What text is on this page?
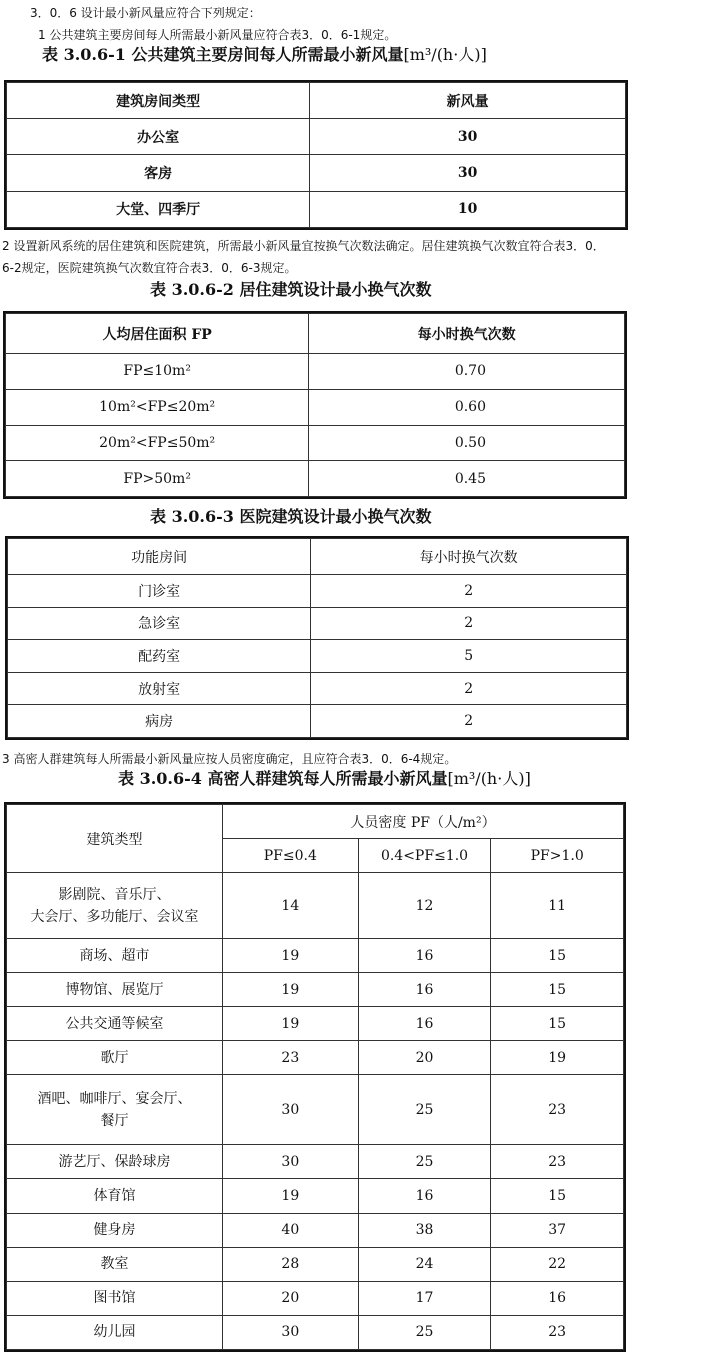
3．0．6 设计最小新风量应符合下列规定：
1 公共建筑主要房间每人所需最小新风量应符合表3．0．6-1规定。
表 3.0.6-1 公共建筑主要房间每人所需最小新风量[m³/(h·人)]
建筑房间类型	新风量
办公室	30
客房	30
大堂、四季厅	10
2 设置新风系统的居住建筑和医院建筑，所需最小新风量宜按换气次数法确定。居住建筑换气次数宜符合表3．0．
6-2规定，医院建筑换气次数宜符合表3．0．6-3规定。
表 3.0.6-2 居住建筑设计最小换气次数
人均居住面积 FP	每小时换气次数
FP≤10m²	0.70
10m²<FP≤20m²	0.60
20m²<FP≤50m²	0.50
FP>50m²	0.45
表 3.0.6-3 医院建筑设计最小换气次数
功能房间	每小时换气次数
门诊室	2
急诊室	2
配药室	5
放射室	2
病房	2
3 高密人群建筑每人所需最小新风量应按人员密度确定，且应符合表3．0．6-4规定。
表 3.0.6-4 高密人群建筑每人所需最小新风量[m³/(h·人)]
建筑类型	人员密度 PF（人/m²）		
	PF≤0.4	0.4<PF≤1.0	PF>1.0

影剧院、音乐厅、
大会厅、多功能厅、会议室	14	12	11
商场、超市	19	16	15
博物馆、展览厅	19	16	15
公共交通等候室	19	16	15
歌厅	23	20	19

酒吧、咖啡厅、宴会厅、
餐厅	30	25	23
游艺厅、保龄球房	30	25	23
体育馆	19	16	15
健身房	40	38	37
教室	28	24	22
图书馆	20	17	16
幼儿园	30	25	23
